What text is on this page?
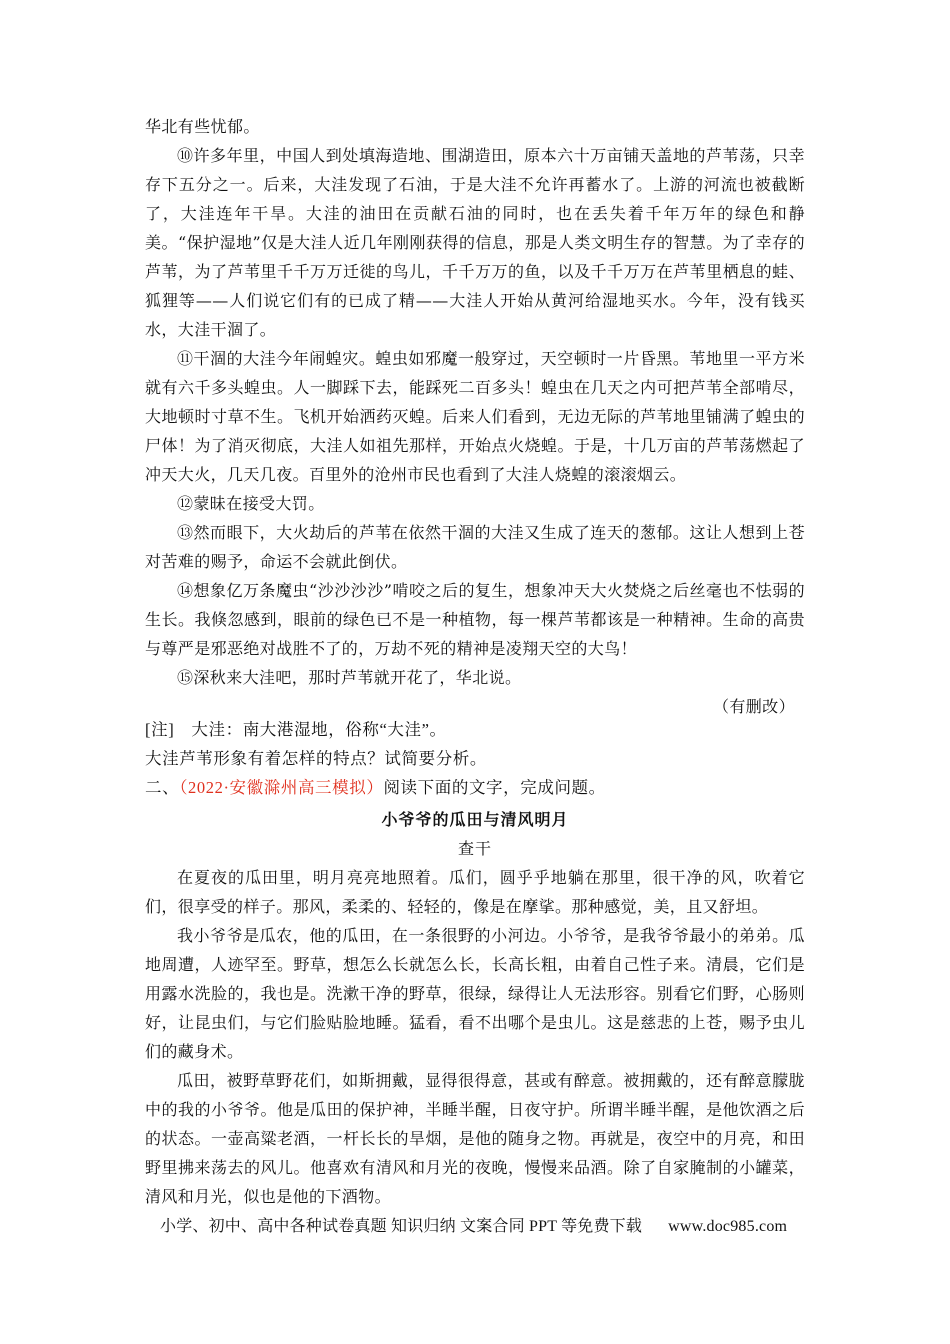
华北有些忧郁。

⑩许多年里，中国人到处填海造地、围湖造田，原本六十万亩铺天盖地的芦苇荡，只幸存下五分之一。后来，大洼发现了石油，于是大洼不允许再蓄水了。上游的河流也被截断了，大洼连年干旱。大洼的油田在贡献石油的同时，也在丢失着千年万年的绿色和静美。“保护湿地”仅是大洼人近几年刚刚获得的信息，那是人类文明生存的智慧。为了幸存的芦苇，为了芦苇里千千万万迁徙的鸟儿，千千万万的鱼，以及千千万万在芦苇里栖息的蛙、狐狸等——人们说它们有的已成了精——大洼人开始从黄河给湿地买水。今年，没有钱买水，大洼干涸了。

⑪干涸的大洼今年闹蝗灾。蝗虫如邪魔一般穿过，天空顿时一片昏黑。苇地里一平方米就有六千多头蝗虫。人一脚踩下去，能踩死二百多头！蝗虫在几天之内可把芦苇全部啃尽，大地顿时寸草不生。飞机开始洒药灭蝗。后来人们看到，无边无际的芦苇地里铺满了蝗虫的尸体！为了消灭彻底，大洼人如祖先那样，开始点火烧蝗。于是，十几万亩的芦苇荡燃起了冲天大火，几天几夜。百里外的沧州市民也看到了大洼人烧蝗的滚滚烟云。

⑫蒙昧在接受大罚。

⑬然而眼下，大火劫后的芦苇在依然干涸的大洼又生成了连天的葱郁。这让人想到上苍对苦难的赐予，命运不会就此倒伏。

⑭想象亿万条魔虫“沙沙沙沙”啃咬之后的复生，想象冲天大火焚烧之后丝毫也不怯弱的生长。我倏忽感到，眼前的绿色已不是一种植物，每一棵芦苇都该是一种精神。生命的高贵与尊严是邪恶绝对战胜不了的，万劫不死的精神是凌翔天空的大鸟！

⑮深秋来大洼吧，那时芦苇就开花了，华北说。

（有删改）

[注]　大洼：南大港湿地，俗称“大洼”。

大洼芦苇形象有着怎样的特点？试简要分析。

二、（2022·安徽滁州高三模拟）阅读下面的文字，完成问题。

小爷爷的瓜田与清风明月

查干

在夏夜的瓜田里，明月亮亮地照着。瓜们，圆乎乎地躺在那里，很干净的风，吹着它们，很享受的样子。那风，柔柔的、轻轻的，像是在摩挲。那种感觉，美，且又舒坦。

我小爷爷是瓜农，他的瓜田，在一条很野的小河边。小爷爷，是我爷爷最小的弟弟。瓜地周遭，人迹罕至。野草，想怎么长就怎么长，长高长粗，由着自己性子来。清晨，它们是用露水洗脸的，我也是。洗漱干净的野草，很绿，绿得让人无法形容。别看它们野，心肠则好，让昆虫们，与它们脸贴脸地睡。猛看，看不出哪个是虫儿。这是慈悲的上苍，赐予虫儿们的藏身术。

瓜田，被野草野花们，如斯拥戴，显得很得意，甚或有醉意。被拥戴的，还有醉意朦胧中的我的小爷爷。他是瓜田的保护神，半睡半醒，日夜守护。所谓半睡半醒，是他饮酒之后的状态。一壶高粱老酒，一杆长长的旱烟，是他的随身之物。再就是，夜空中的月亮，和田野里拂来荡去的风儿。他喜欢有清风和月光的夜晚，慢慢来品酒。除了自家腌制的小罐菜，清风和月光，似也是他的下酒物。

小学、初中、高中各种试卷真题 知识归纳 文案合同 PPT 等免费下载 www.doc985.com
